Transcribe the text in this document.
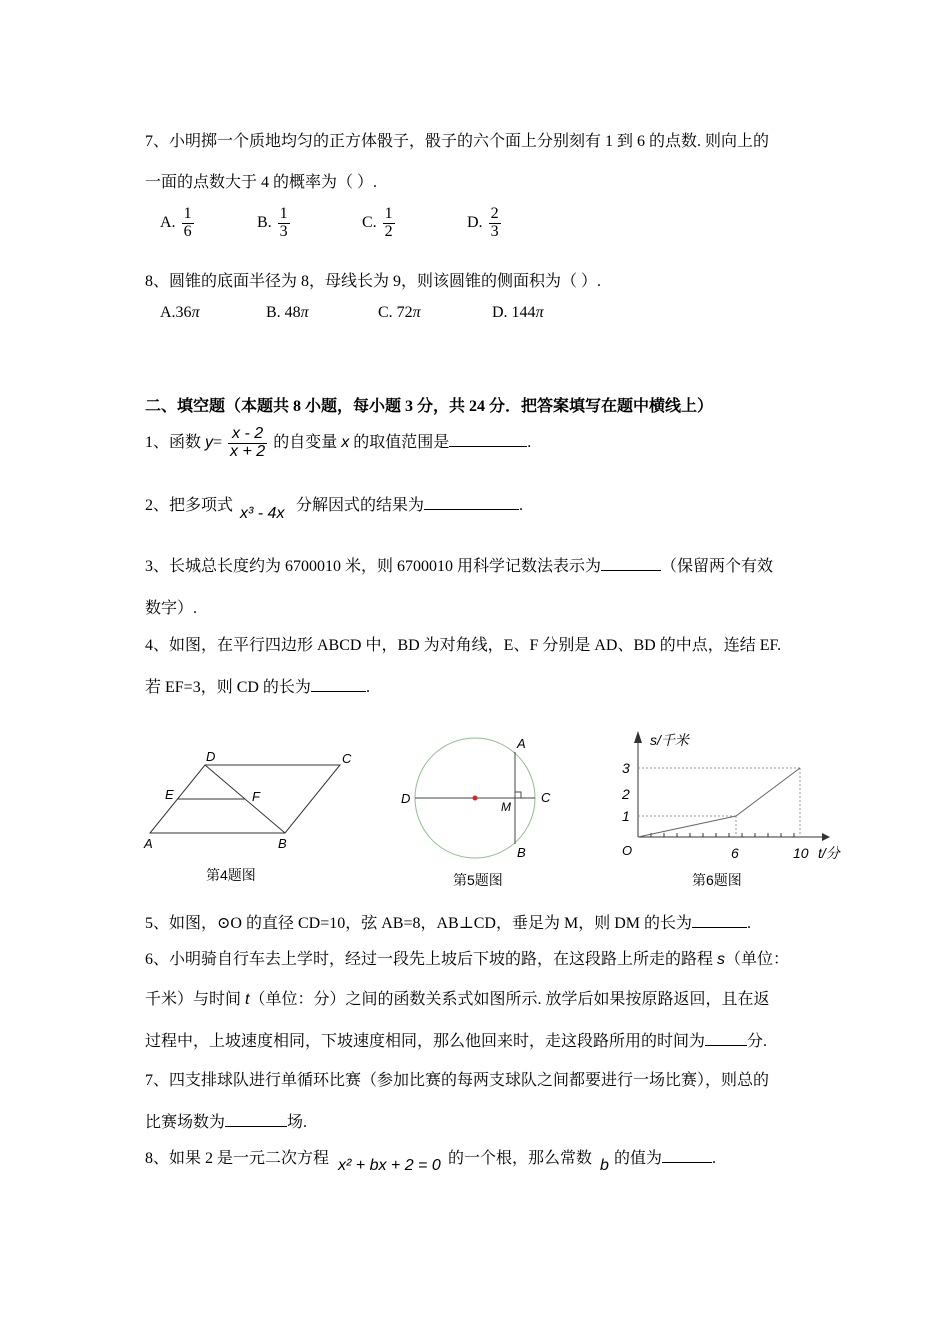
7、小明掷一个质地均匀的正方体骰子，骰子的六个面上分别刻有 1 到 6 的点数. 则向上的
一面的点数大于 4 的概率为（ ）.
A. $\frac{1}{6}$	B. $\frac{1}{3}$	C. $\frac{1}{2}$	D. $\frac{2}{3}$
8、圆锥的底面半径为 8，母线长为 9，则该圆锥的侧面积为（ ）.
A.36π	B. 48π	C. 72π	D. 144π
二、填空题（本题共 8 小题，每小题 3 分，共 24 分．把答案填写在题中横线上）
1、函数 $y= \frac{x - 2}{x + 2}$ 的自变量 x 的取值范围是	.
2、把多项式 x³ - 4x 分解因式的结果为	.
3、长城总长度约为 6700010 米，则 6700010 用科学记数法表示为	（保留两个有效
数字）.
4、如图，在平行四边形 ABCD 中，BD 为对角线，E、F 分别是 AD、BD 的中点，连结 EF.
若 EF=3，则 CD 的长为	.
A	B
C
D
E	F
第4题图
A
B
C
D
M
第5题图
s/千米
3
2
1
O	6	10 t/分
第6题图
5、如图，⊙O 的直径 CD=10，弦 AB=8，AB⊥CD，垂足为 M，则 DM 的长为	.
6、小明骑自行车去上学时，经过一段先上坡后下坡的路，在这段路上所走的路程 s（单位：
千米）与时间 t（单位：分）之间的函数关系式如图所示. 放学后如果按原路返回，且在返
过程中，上坡速度相同，下坡速度相同，那么他回来时，走这段路所用的时间为	分.
7、四支排球队进行单循环比赛（参加比赛的每两支球队之间都要进行一场比赛），则总的
比赛场数为	场.
8、如果 2 是一元二次方程 x² + bx + 2 = 0 的一个根，那么常数 b 的值为	.
